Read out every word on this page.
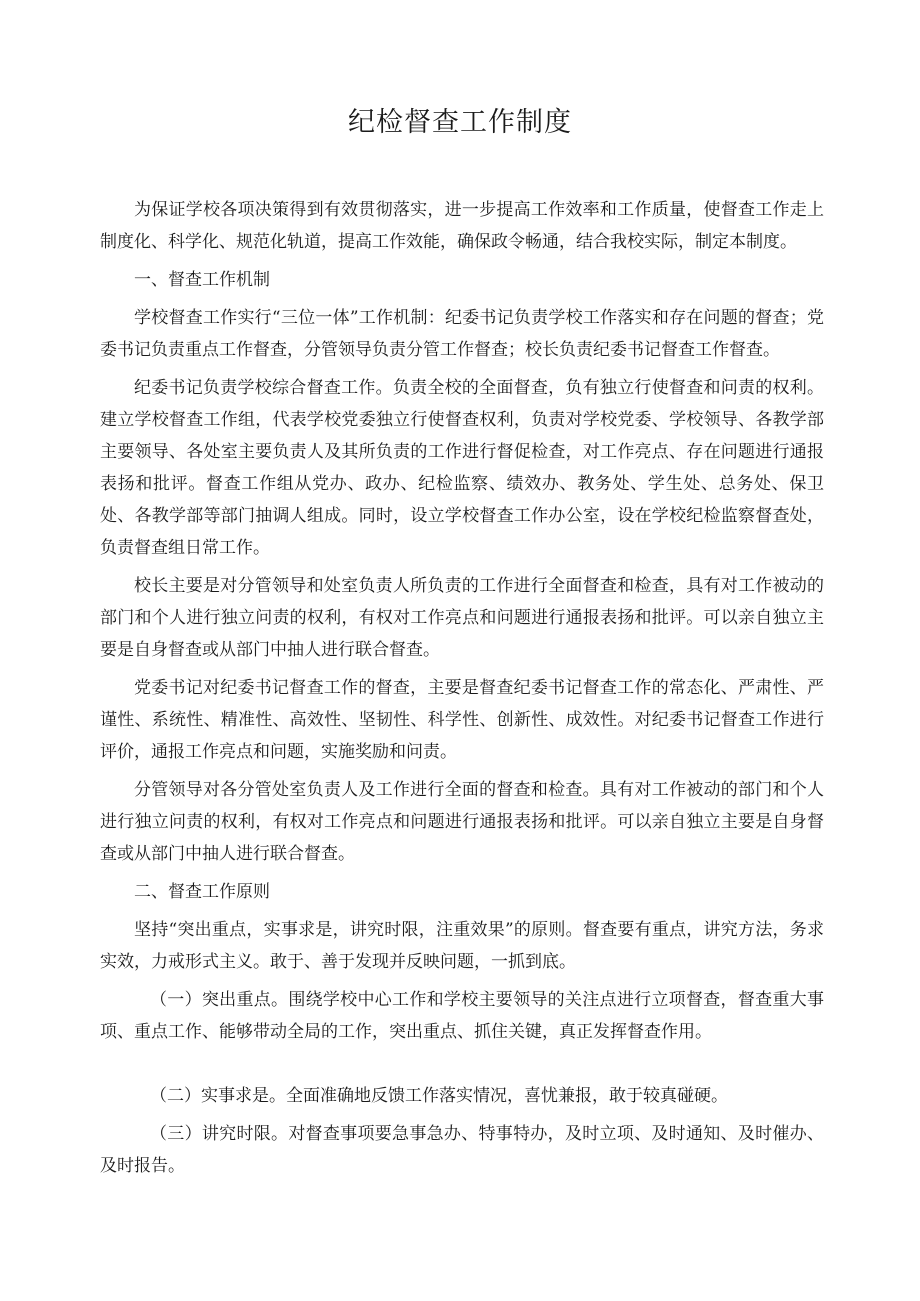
纪检督查工作制度

为保证学校各项决策得到有效贯彻落实，进一步提高工作效率和工作质量，使督查工作走上制度化、科学化、规范化轨道，提高工作效能，确保政令畅通，结合我校实际，制定本制度。

一、督查工作机制

学校督查工作实行“三位一体”工作机制：纪委书记负责学校工作落实和存在问题的督查；党委书记负责重点工作督查，分管领导负责分管工作督查；校长负责纪委书记督查工作督查。

纪委书记负责学校综合督查工作。负责全校的全面督查，负有独立行使督查和问责的权利。建立学校督查工作组，代表学校党委独立行使督查权利，负责对学校党委、学校领导、各教学部主要领导、各处室主要负责人及其所负责的工作进行督促检查，对工作亮点、存在问题进行通报表扬和批评。督查工作组从党办、政办、纪检监察、绩效办、教务处、学生处、总务处、保卫处、各教学部等部门抽调人组成。同时，设立学校督查工作办公室，设在学校纪检监察督查处，负责督查组日常工作。

校长主要是对分管领导和处室负责人所负责的工作进行全面督查和检查，具有对工作被动的部门和个人进行独立问责的权利，有权对工作亮点和问题进行通报表扬和批评。可以亲自独立主要是自身督查或从部门中抽人进行联合督查。

党委书记对纪委书记督查工作的督查，主要是督查纪委书记督查工作的常态化、严肃性、严谨性、系统性、精准性、高效性、坚韧性、科学性、创新性、成效性。对纪委书记督查工作进行评价，通报工作亮点和问题，实施奖励和问责。

分管领导对各分管处室负责人及工作进行全面的督查和检查。具有对工作被动的部门和个人进行独立问责的权利，有权对工作亮点和问题进行通报表扬和批评。可以亲自独立主要是自身督查或从部门中抽人进行联合督查。

二、督查工作原则

坚持“突出重点，实事求是，讲究时限，注重效果”的原则。督查要有重点，讲究方法，务求实效，力戒形式主义。敢于、善于发现并反映问题，一抓到底。

（一）突出重点。围绕学校中心工作和学校主要领导的关注点进行立项督查，督查重大事项、重点工作、能够带动全局的工作，突出重点、抓住关键，真正发挥督查作用。

（二）实事求是。全面准确地反馈工作落实情况，喜忧兼报，敢于较真碰硬。

（三）讲究时限。对督查事项要急事急办、特事特办，及时立项、及时通知、及时催办、及时报告。
